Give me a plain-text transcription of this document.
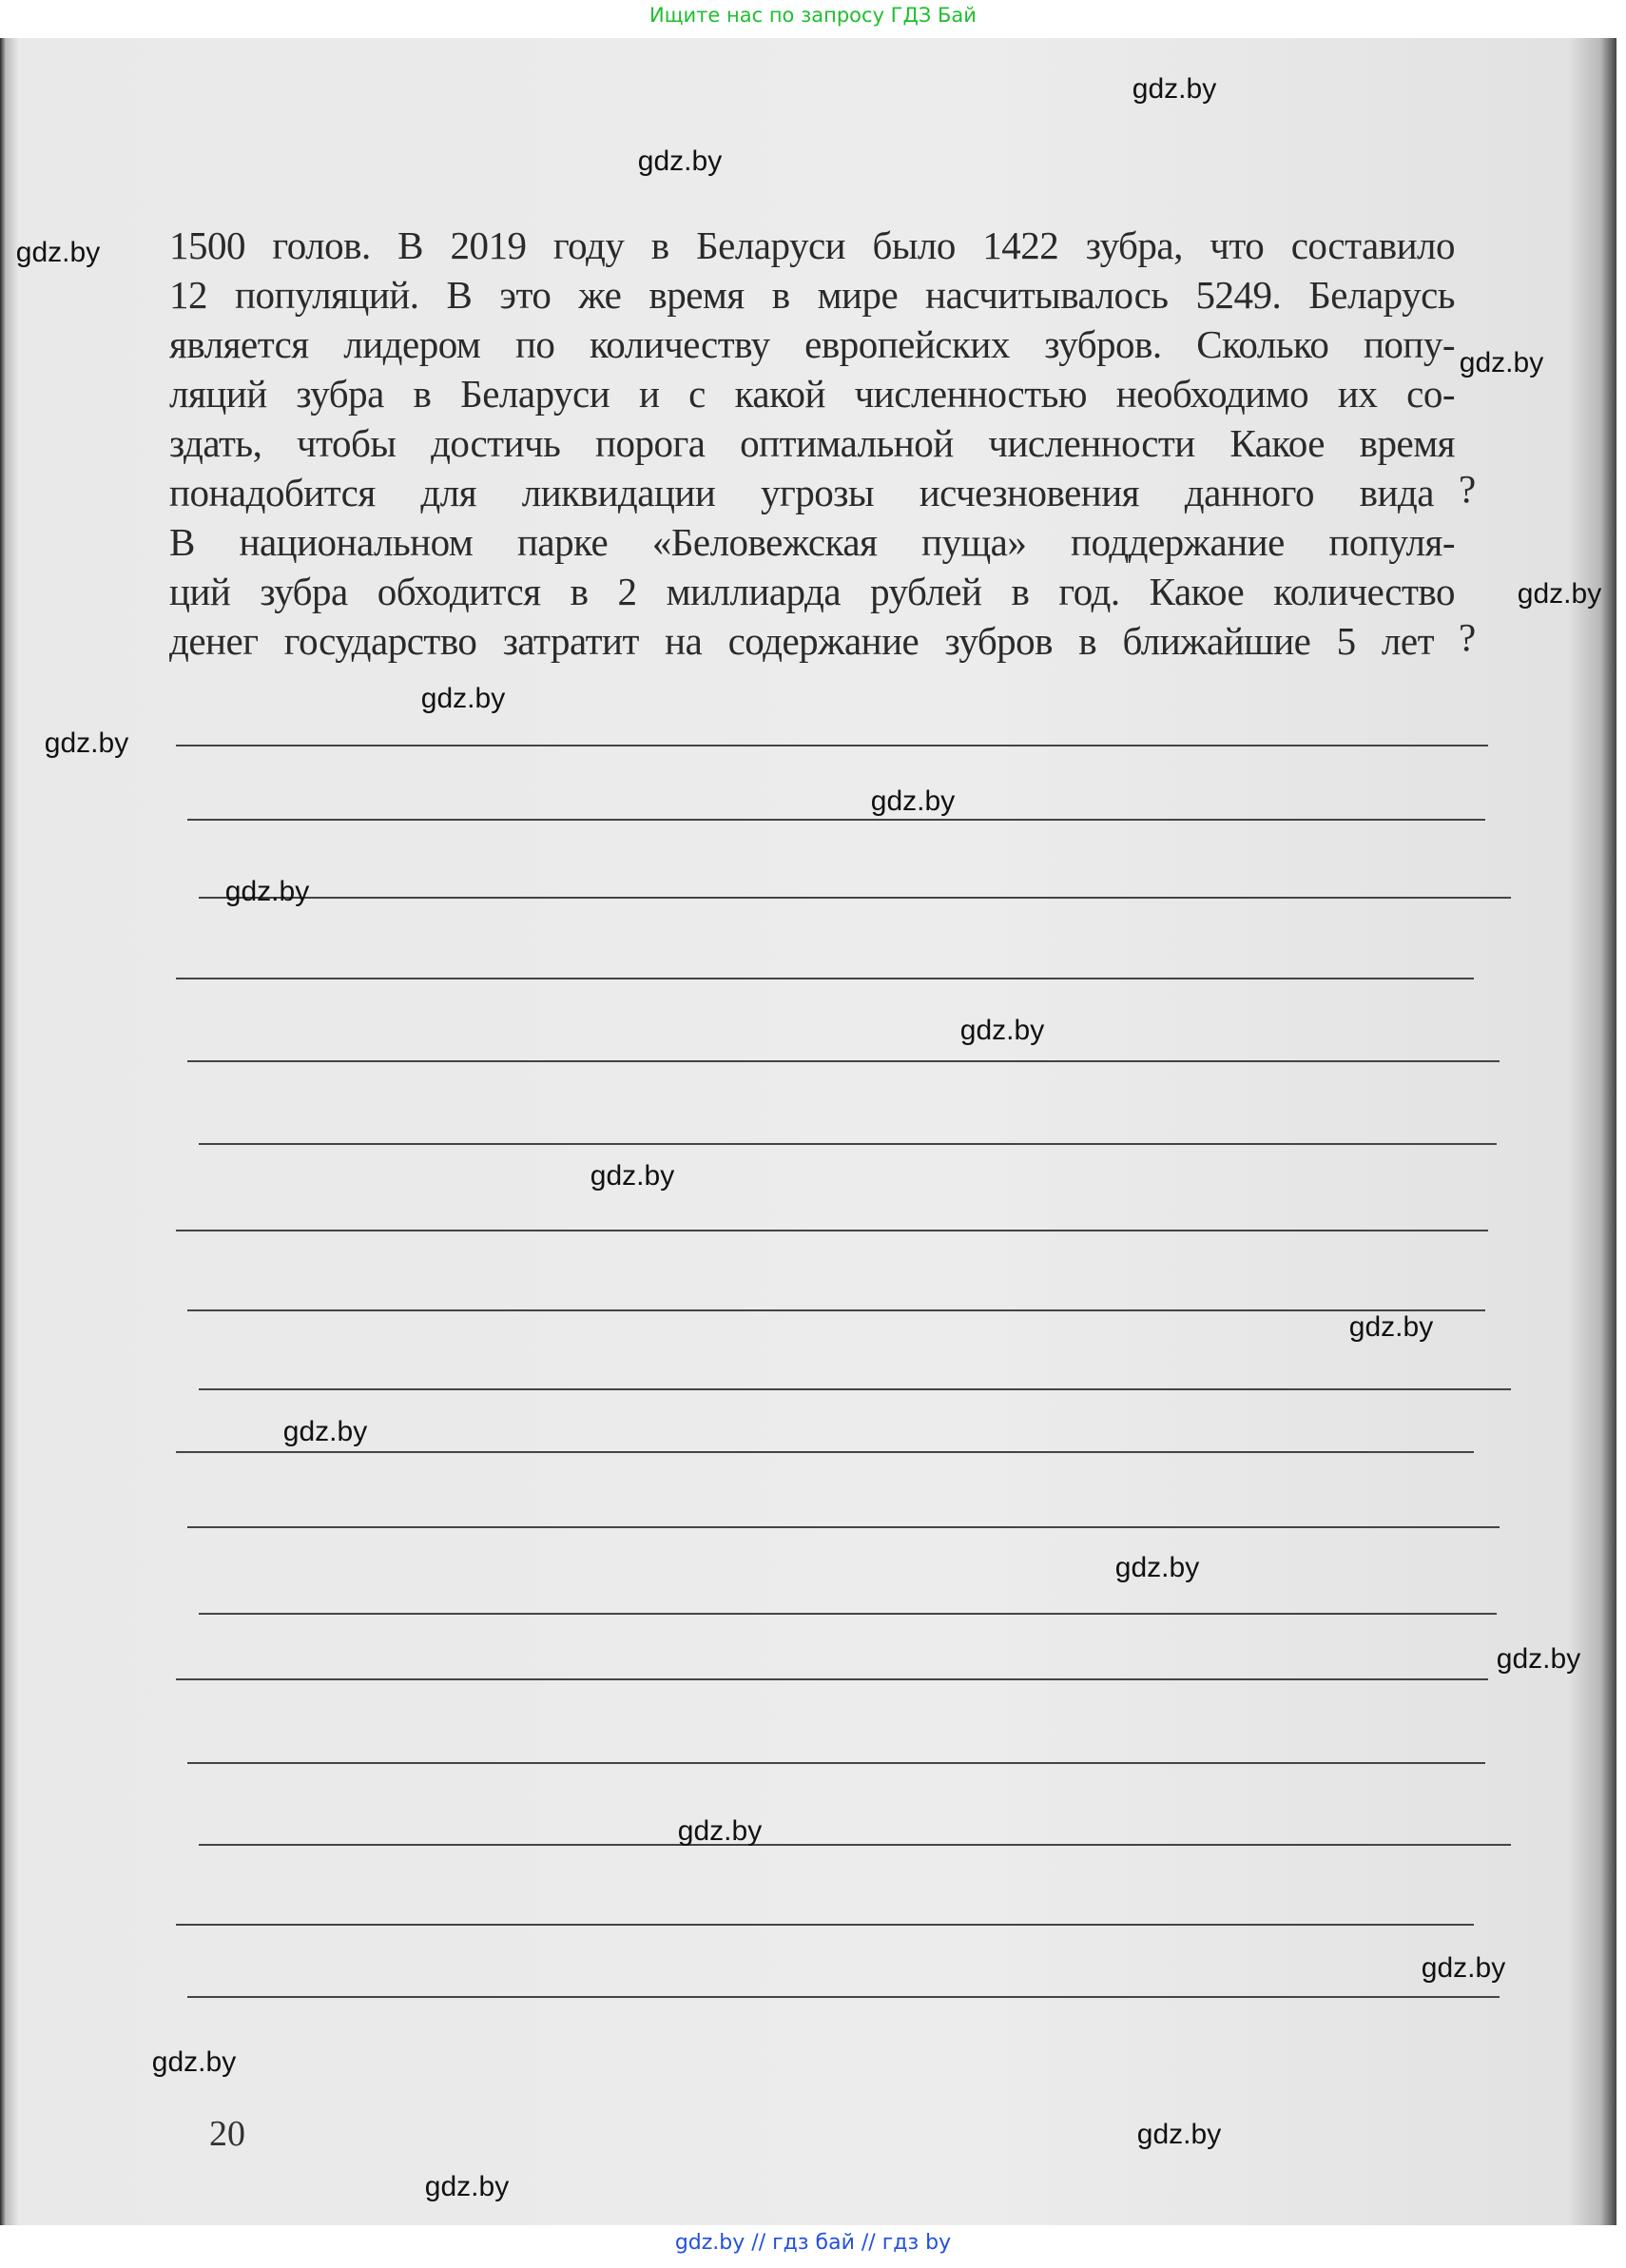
Ищите нас по запросу ГДЗ Бай
1500 голов. В 2019 году в Беларуси было 1422 зубра, что составило
12 популяций. В это же время в мире насчитывалось 5249. Беларусь
является лидером по количеству европейских зубров. Сколько попу-
ляций зубра в Беларуси и с какой численностью необходимо их со-
здать, чтобы достичь порога оптимальной численности Какое время
понадобится для ликвидации угрозы исчезновения данного вида
В национальном парке «Беловежская пуща» поддержание популя-
ций зубра обходится в 2 миллиарда рублей в год. Какое количество
денег государство затратит на содержание зубров в ближайшие 5 лет
?
?
20
gdz.by
gdz.by
gdz.by
gdz.by
gdz.by
gdz.by
gdz.by
gdz.by
gdz.by
gdz.by
gdz.by
gdz.by
gdz.by
gdz.by
gdz.by
gdz.by
gdz.by
gdz.by
gdz.by
gdz.by
gdz.by // гдз бай // гдз by
